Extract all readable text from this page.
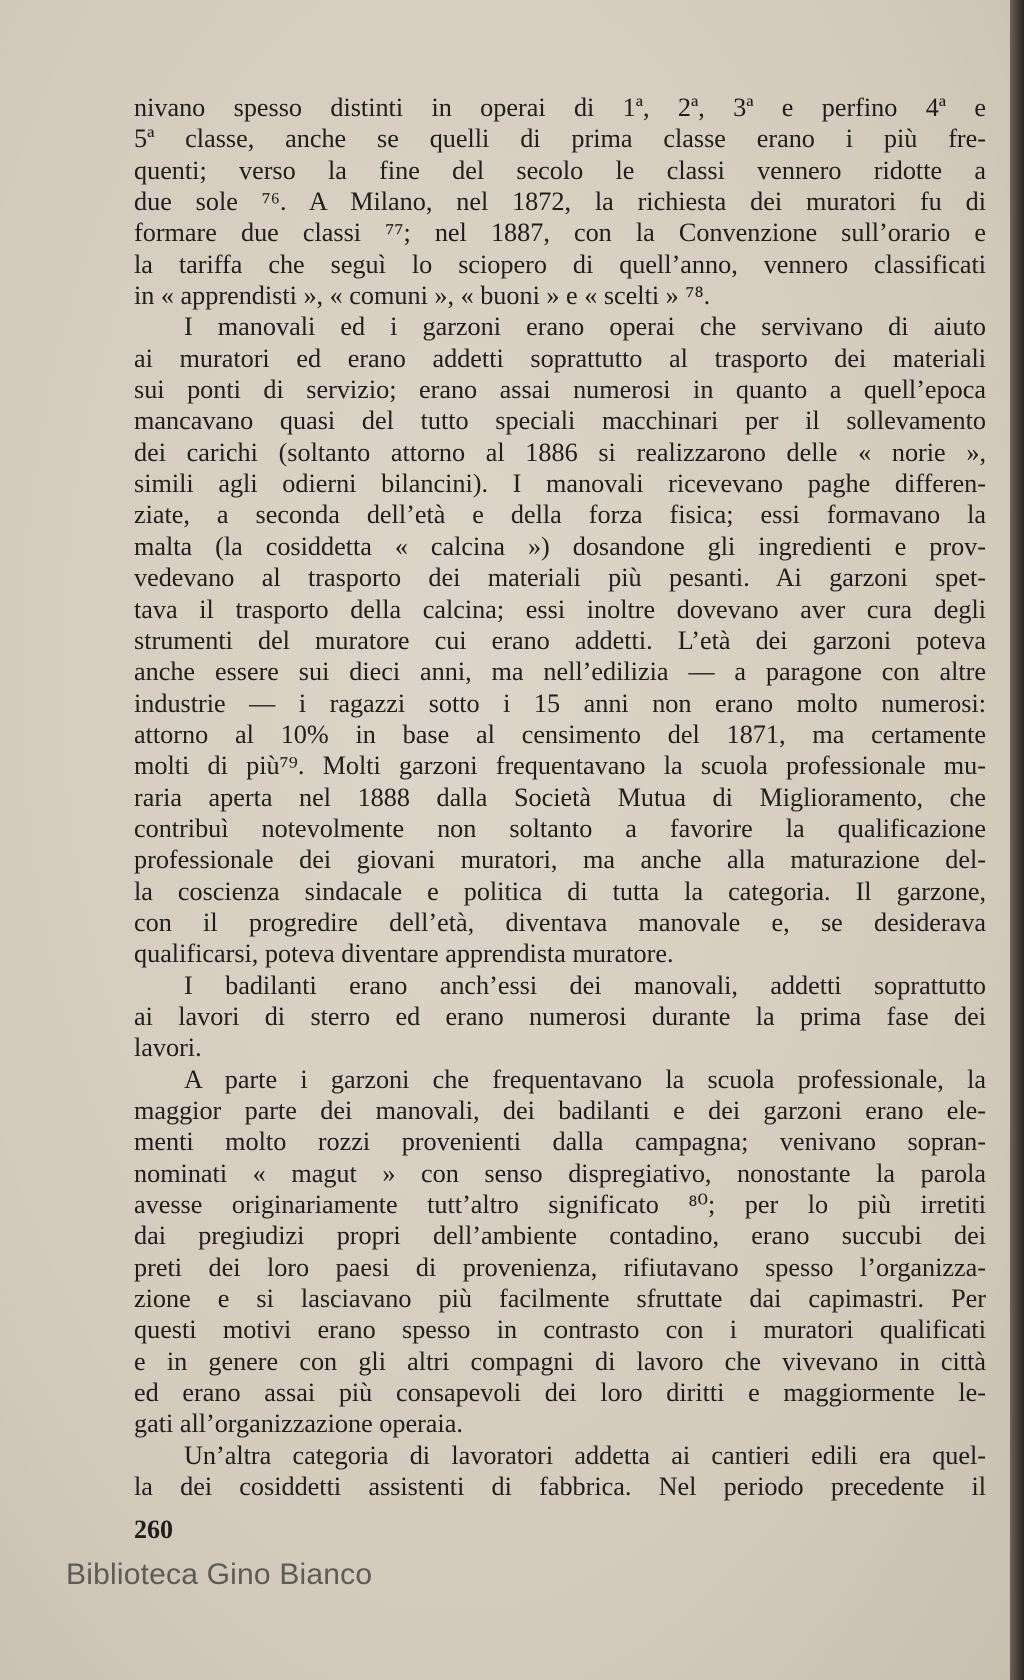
nivano spesso distinti in operai di 1ª, 2ª, 3ª e perfino 4ª e
5ª classe, anche se quelli di prima classe erano i più fre-
quenti; verso la fine del secolo le classi vennero ridotte a
due sole ⁷⁶. A Milano, nel 1872, la richiesta dei muratori fu di
formare due classi ⁷⁷; nel 1887, con la Convenzione sull’orario e
la tariffa che seguì lo sciopero di quell’anno, vennero classificati
in « apprendisti », « comuni », « buoni » e « scelti » ⁷⁸.
I manovali ed i garzoni erano operai che servivano di aiuto
ai muratori ed erano addetti soprattutto al trasporto dei materiali
sui ponti di servizio; erano assai numerosi in quanto a quell’epoca
mancavano quasi del tutto speciali macchinari per il sollevamento
dei carichi (soltanto attorno al 1886 si realizzarono delle « norie »,
simili agli odierni bilancini). I manovali ricevevano paghe differen-
ziate, a seconda dell’età e della forza fisica; essi formavano la
malta (la cosiddetta « calcina ») dosandone gli ingredienti e prov-
vedevano al trasporto dei materiali più pesanti. Ai garzoni spet-
tava il trasporto della calcina; essi inoltre dovevano aver cura degli
strumenti del muratore cui erano addetti. L’età dei garzoni poteva
anche essere sui dieci anni, ma nell’edilizia — a paragone con altre
industrie — i ragazzi sotto i 15 anni non erano molto numerosi:
attorno al 10% in base al censimento del 1871, ma certamente
molti di più⁷⁹. Molti garzoni frequentavano la scuola professionale mu-
raria aperta nel 1888 dalla Società Mutua di Miglioramento, che
contribuì notevolmente non soltanto a favorire la qualificazione
professionale dei giovani muratori, ma anche alla maturazione del-
la coscienza sindacale e politica di tutta la categoria. Il garzone,
con il progredire dell’età, diventava manovale e, se desiderava
qualificarsi, poteva diventare apprendista muratore.
I badilanti erano anch’essi dei manovali, addetti soprattutto
ai lavori di sterro ed erano numerosi durante la prima fase dei
lavori.
A parte i garzoni che frequentavano la scuola professionale, la
maggior parte dei manovali, dei badilanti e dei garzoni erano ele-
menti molto rozzi provenienti dalla campagna; venivano sopran-
nominati « magut » con senso dispregiativo, nonostante la parola
avesse originariamente tutt’altro significato ⁸⁰; per lo più irretiti
dai pregiudizi propri dell’ambiente contadino, erano succubi dei
preti dei loro paesi di provenienza, rifiutavano spesso l’organizza-
zione e si lasciavano più facilmente sfruttate dai capimastri. Per
questi motivi erano spesso in contrasto con i muratori qualificati
e in genere con gli altri compagni di lavoro che vivevano in città
ed erano assai più consapevoli dei loro diritti e maggiormente le-
gati all’organizzazione operaia.
Un’altra categoria di lavoratori addetta ai cantieri edili era quel-
la dei cosiddetti assistenti di fabbrica. Nel periodo precedente il
260
Biblioteca Gino Bianco
